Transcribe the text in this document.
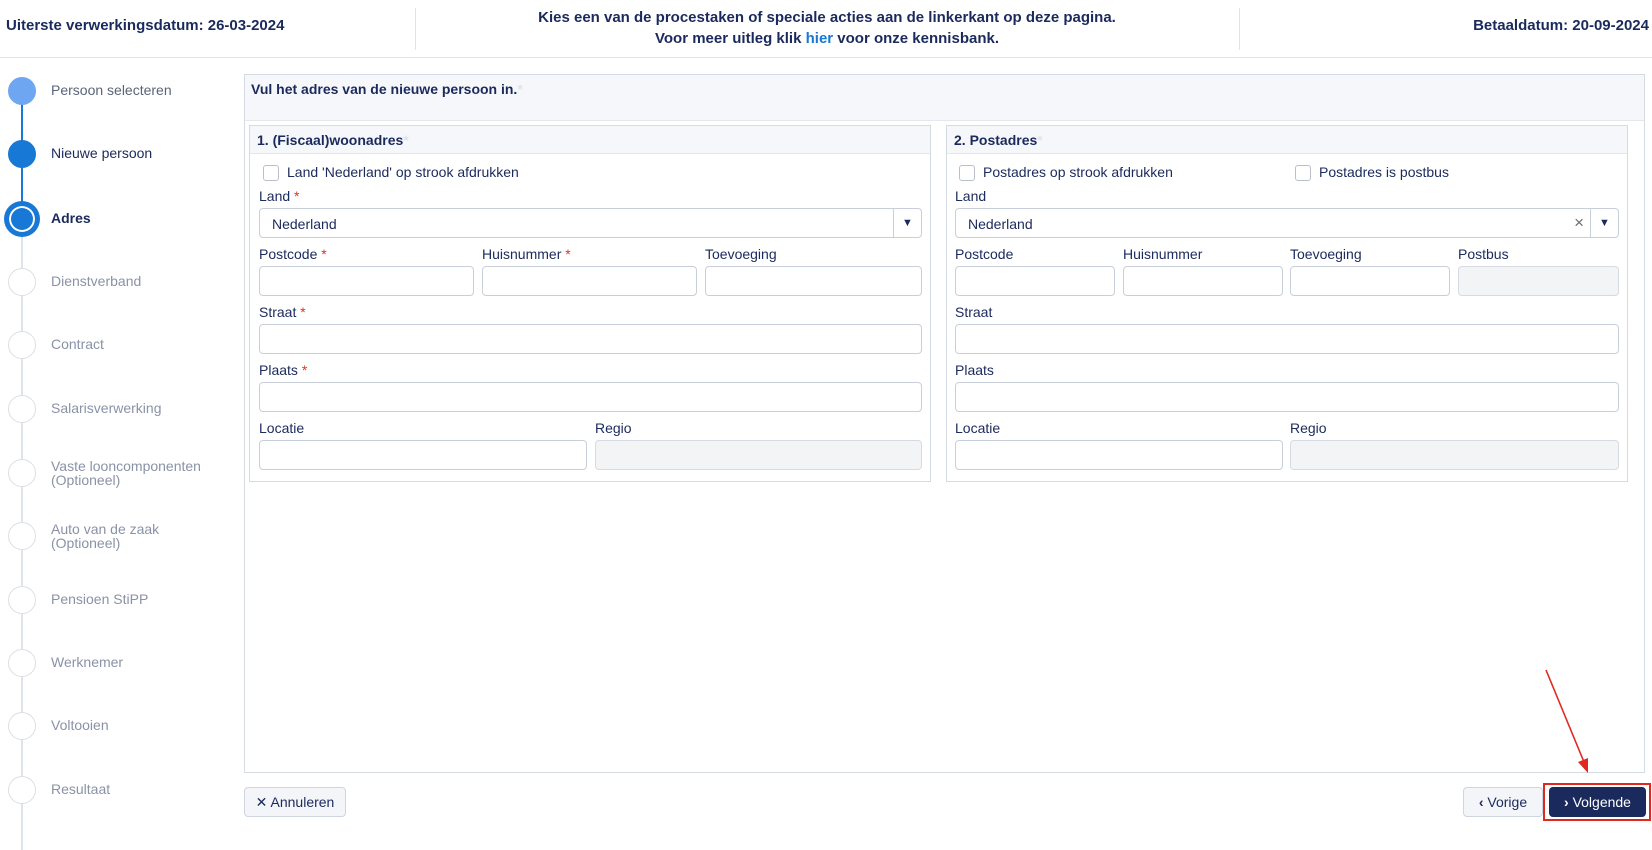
Uiterste verwerkingsdatum: 26-03-2024	Kies een van de procestaken of speciale acties aan de linkerkant op deze pagina.
Voor meer uitleg klik hier voor onze kennisbank.
Betaaldatum: 20-09-2024
Persoon selecteren
Nieuwe persoon
Adres
Dienstverband
Contract
Salarisverwerking
Vaste looncomponenten
(Optioneel)
Auto van de zaak
(Optioneel)
Pensioen StiPP
Werknemer
Voltooien
Resultaat
Vul het adres van de nieuwe persoon in.*
1. (Fiscaal)woonadres*
Land 'Nederland' op strook afdrukken
Land *
Nederland	▼
Postcode *	Huisnummer *	Toevoeging
Straat *
Plaats *
Locatie	Regio
2. Postadres*
Postadres op strook afdrukken	Postadres is postbus
Land
Nederland	×	▼
Postcode	Huisnummer	Toevoeging	Postbus
Straat
Plaats
Locatie	Regio
✕ Annuleren	‹ Vorige	› Volgende
